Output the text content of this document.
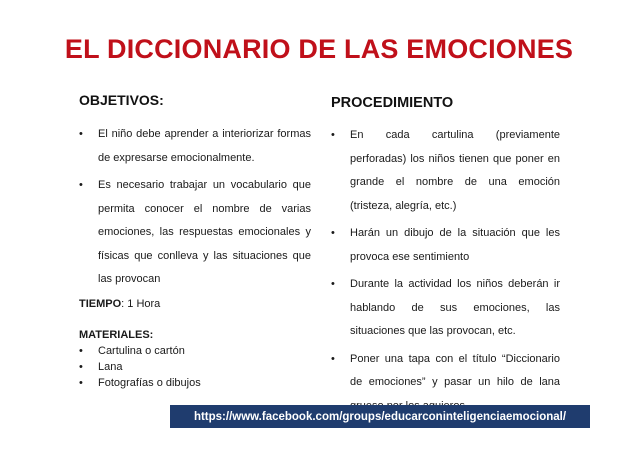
EL DICCIONARIO DE LAS EMOCIONES
OBJETIVOS:
• El niño debe aprender a interiorizar formas de expresarse emocionalmente.
• Es necesario trabajar un vocabulario que permita conocer el nombre de varias emociones, las respuestas emocionales y físicas que conlleva y las situaciones que las provocan
TIEMPO: 1 Hora
MATERIALES:
• Cartulina o cartón
• Lana
• Fotografías o dibujos
PROCEDIMIENTO
• En cada cartulina (previamente perforadas) los niños tienen que poner en grande el nombre de una emoción (tristeza, alegría, etc.)
• Harán un dibujo de la situación que les provoca ese sentimiento
• Durante la actividad los niños deberán ir hablando de sus emociones, las situaciones que las provocan, etc.
• Poner una tapa con el título “Diccionario de emociones” y pasar un hilo de lana
https://www.facebook.com/groups/educarconinteligenciaemocional/
